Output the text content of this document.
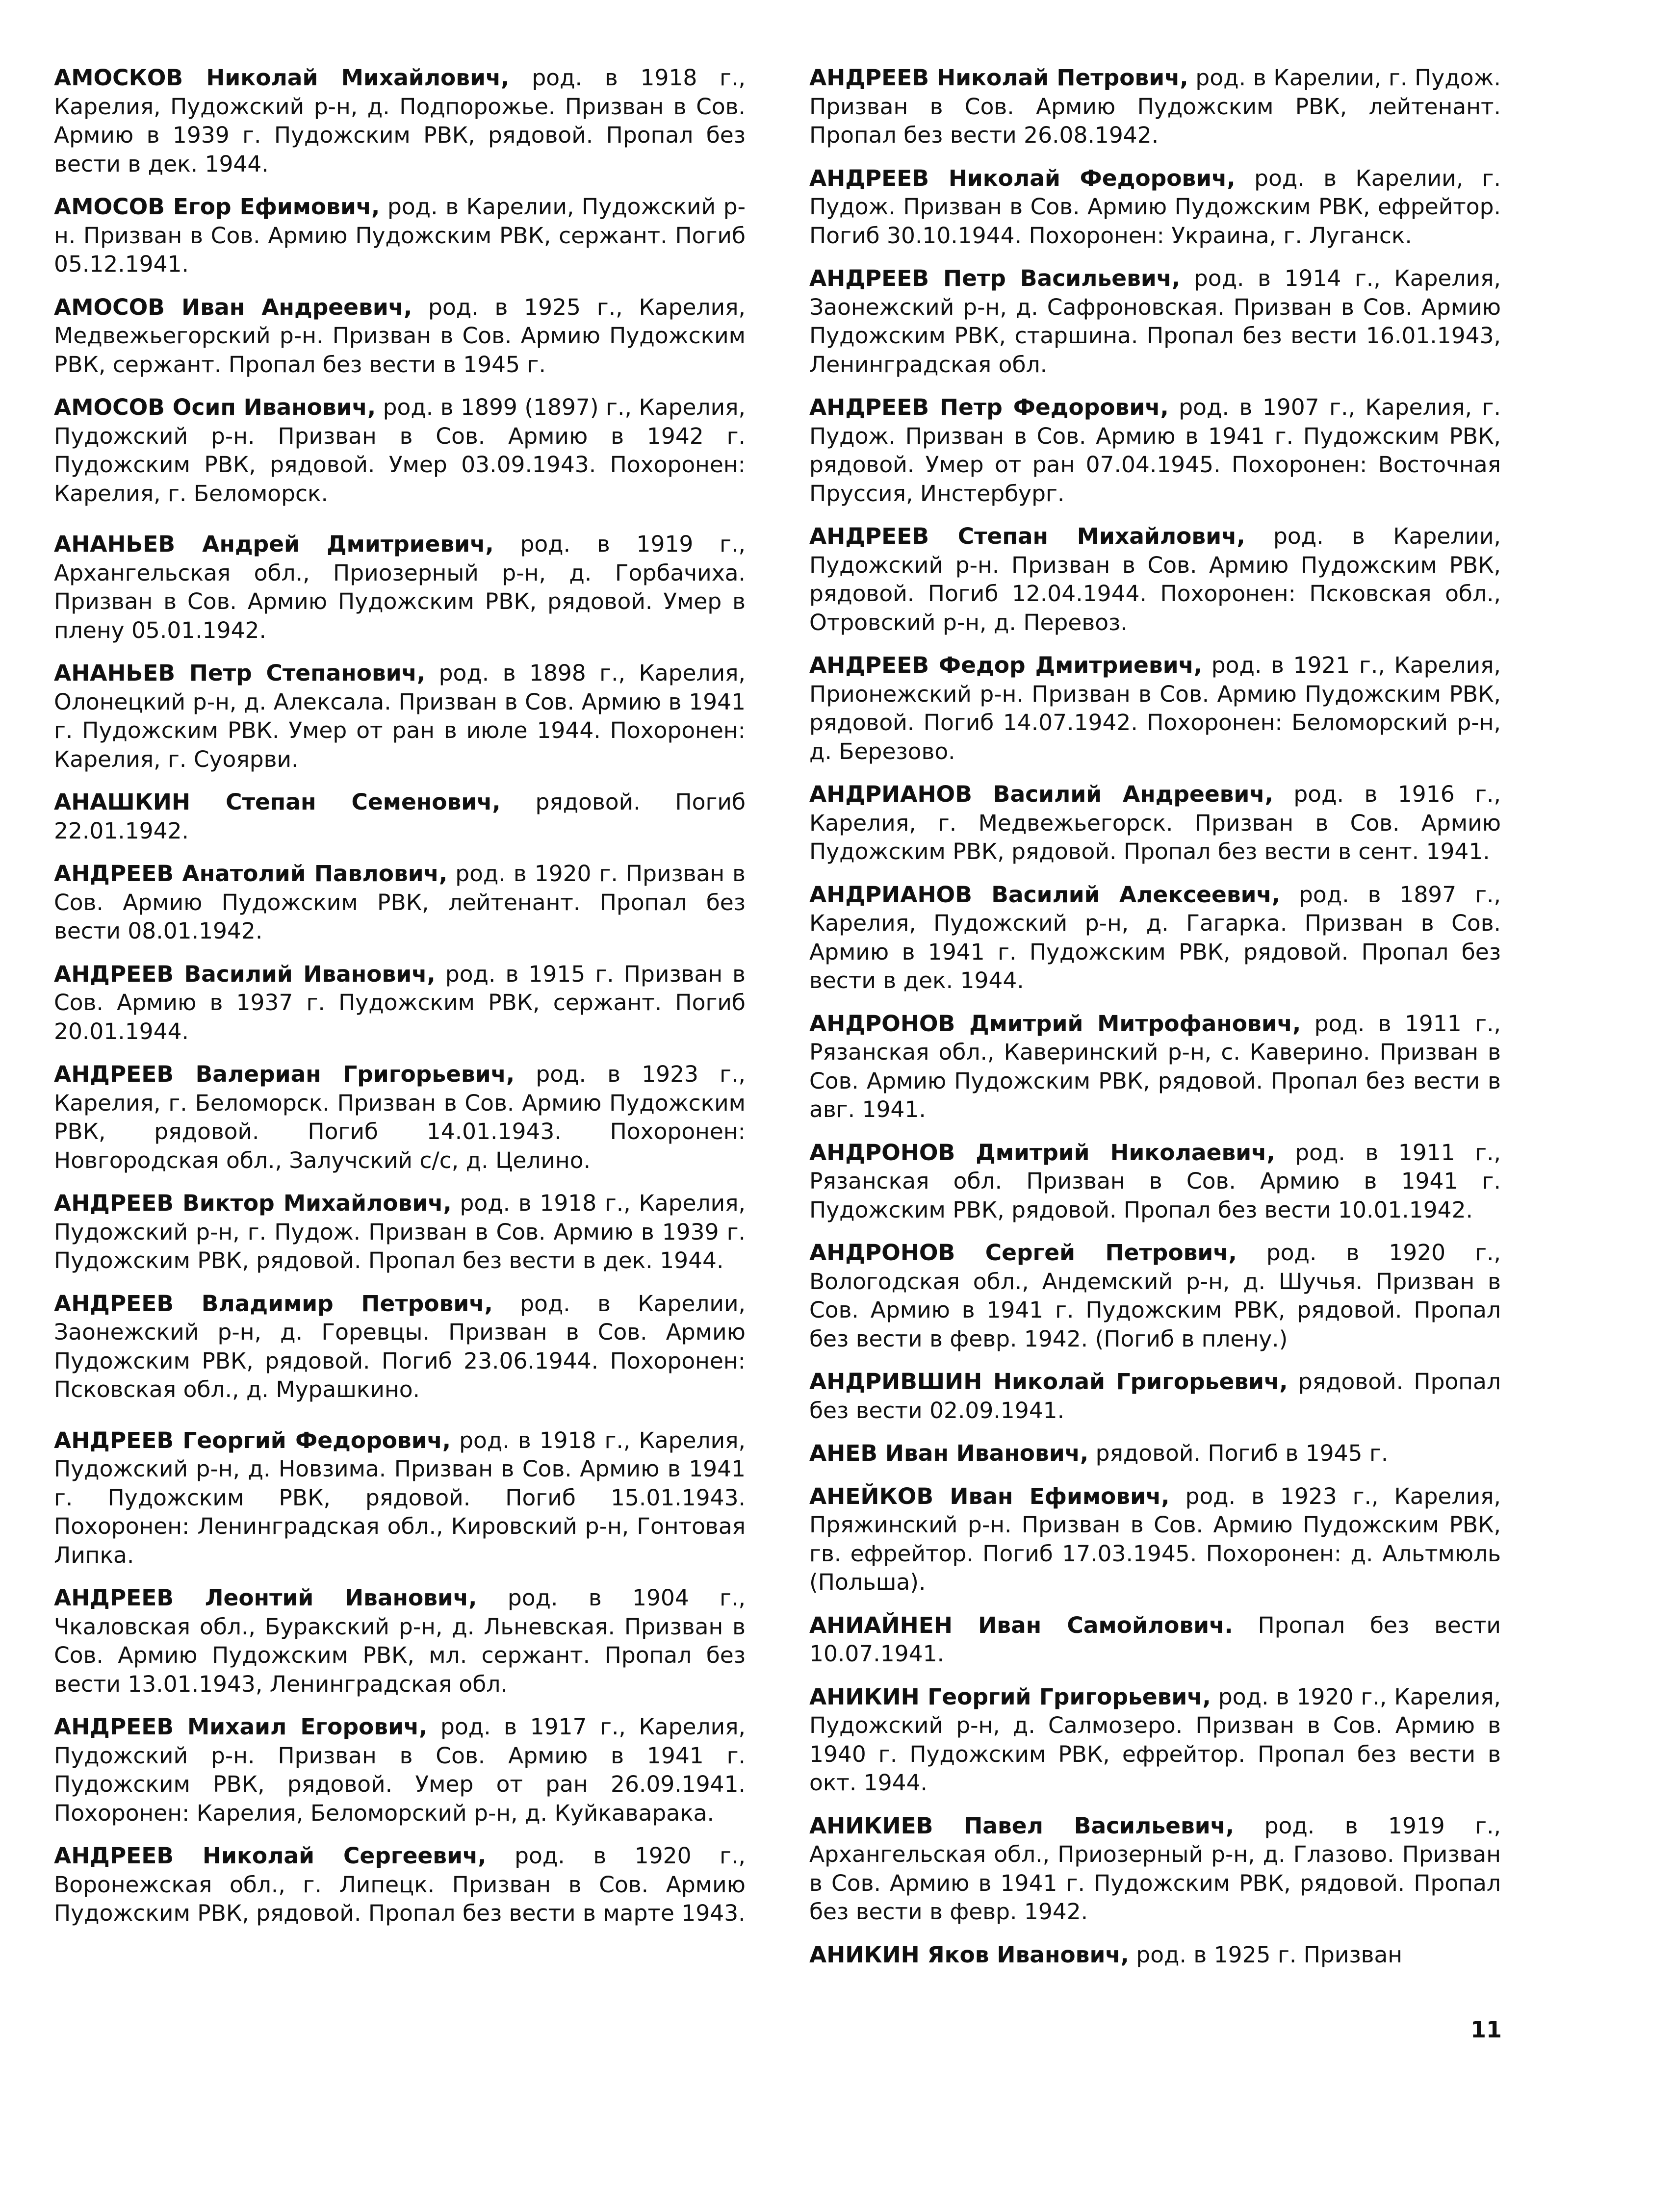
АМОСКОВ Николай Михайлович, род. в 1918 г., Карелия, Пудожский р-н, д. Подпорожье. Призван в Сов. Армию в 1939 г. Пудожским РВК, рядовой. Пропал без вести в дек. 1944.

АМОСОВ Егор Ефимович, род. в Карелии, Пудожский р-н. Призван в Сов. Армию Пудожским РВК, сержант. Погиб 05.12.1941.

АМОСОВ Иван Андреевич, род. в 1925 г., Карелия, Медвежьегорский р-н. Призван в Сов. Армию Пудожским РВК, сержант. Пропал без вести в 1945 г.

АМОСОВ Осип Иванович, род. в 1899 (1897) г., Карелия, Пудожский р-н. Призван в Сов. Армию в 1942 г. Пудожским РВК, рядовой. Умер 03.09.1943. Похоронен: Карелия, г. Беломорск.

АНАНЬЕВ Андрей Дмитриевич, род. в 1919 г., Архангельская обл., Приозерный р-н, д. Горбачиха. Призван в Сов. Армию Пудожским РВК, рядовой. Умер в плену 05.01.1942.

АНАНЬЕВ Петр Степанович, род. в 1898 г., Карелия, Олонецкий р-н, д. Алексала. Призван в Сов. Армию в 1941 г. Пудожским РВК. Умер от ран в июле 1944. Похоронен: Карелия, г. Суоярви.

АНАШКИН Степан Семенович, рядовой. Погиб 22.01.1942.

АНДРЕЕВ Анатолий Павлович, род. в 1920 г. Призван в Сов. Армию Пудожским РВК, лейтенант. Пропал без вести 08.01.1942.

АНДРЕЕВ Василий Иванович, род. в 1915 г. Призван в Сов. Армию в 1937 г. Пудожским РВК, сержант. Погиб 20.01.1944.

АНДРЕЕВ Валериан Григорьевич, род. в 1923 г., Карелия, г. Беломорск. Призван в Сов. Армию Пудожским РВК, рядовой. Погиб 14.01.1943. Похоронен: Новгородская обл., Залучский с/с, д. Целино.

АНДРЕЕВ Виктор Михайлович, род. в 1918 г., Карелия, Пудожский р-н, г. Пудож. Призван в Сов. Армию в 1939 г. Пудожским РВК, рядовой. Пропал без вести в дек. 1944.

АНДРЕЕВ Владимир Петрович, род. в Карелии, Заонежский р-н, д. Горевцы. Призван в Сов. Армию Пудожским РВК, рядовой. Погиб 23.06.1944. Похоронен: Псковская обл., д. Мурашкино.

АНДРЕЕВ Георгий Федорович, род. в 1918 г., Карелия, Пудожский р-н, д. Новзима. Призван в Сов. Армию в 1941 г. Пудожским РВК, рядовой. Погиб 15.01.1943. Похоронен: Ленинградская обл., Кировский р-н, Гонтовая Липка.

АНДРЕЕВ Леонтий Иванович, род. в 1904 г., Чкаловская обл., Буракский р-н, д. Льневская. Призван в Сов. Армию Пудожским РВК, мл. сержант. Пропал без вести 13.01.1943, Ленинградская обл.

АНДРЕЕВ Михаил Егорович, род. в 1917 г., Карелия, Пудожский р-н. Призван в Сов. Армию в 1941 г. Пудожским РВК, рядовой. Умер от ран 26.09.1941. Похоронен: Карелия, Беломорский р-н, д. Куйкаварака.

АНДРЕЕВ Николай Сергеевич, род. в 1920 г., Воронежская обл., г. Липецк. Призван в Сов. Армию Пудожским РВК, рядовой. Пропал без вести в марте 1943.

АНДРЕЕВ Николай Петрович, род. в Карелии, г. Пудож. Призван в Сов. Армию Пудожским РВК, лейтенант. Пропал без вести 26.08.1942.

АНДРЕЕВ Николай Федорович, род. в Карелии, г. Пудож. Призван в Сов. Армию Пудожским РВК, ефрейтор. Погиб 30.10.1944. Похоронен: Украина, г. Луганск.

АНДРЕЕВ Петр Васильевич, род. в 1914 г., Карелия, Заонежский р-н, д. Сафроновская. Призван в Сов. Армию Пудожским РВК, старшина. Пропал без вести 16.01.1943, Ленинградская обл.

АНДРЕЕВ Петр Федорович, род. в 1907 г., Карелия, г. Пудож. Призван в Сов. Армию в 1941 г. Пудожским РВК, рядовой. Умер от ран 07.04.1945. Похоронен: Восточная Пруссия, Инстербург.

АНДРЕЕВ Степан Михайлович, род. в Карелии, Пудожский р-н. Призван в Сов. Армию Пудожским РВК, рядовой. Погиб 12.04.1944. Похоронен: Псковская обл., Отровский р-н, д. Перевоз.

АНДРЕЕВ Федор Дмитриевич, род. в 1921 г., Карелия, Прионежский р-н. Призван в Сов. Армию Пудожским РВК, рядовой. Погиб 14.07.1942. Похоронен: Беломорский р-н, д. Березово.

АНДРИАНОВ Василий Андреевич, род. в 1916 г., Карелия, г. Медвежьегорск. Призван в Сов. Армию Пудожским РВК, рядовой. Пропал без вести в сент. 1941.

АНДРИАНОВ Василий Алексеевич, род. в 1897 г., Карелия, Пудожский р-н, д. Гагарка. Призван в Сов. Армию в 1941 г. Пудожским РВК, рядовой. Пропал без вести в дек. 1944.

АНДРОНОВ Дмитрий Митрофанович, род. в 1911 г., Рязанская обл., Каверинский р-н, с. Каверино. Призван в Сов. Армию Пудожским РВК, рядовой. Пропал без вести в авг. 1941.

АНДРОНОВ Дмитрий Николаевич, род. в 1911 г., Рязанская обл. Призван в Сов. Армию в 1941 г. Пудожским РВК, рядовой. Пропал без вести 10.01.1942.

АНДРОНОВ Сергей Петрович, род. в 1920 г., Вологодская обл., Андемский р-н, д. Шучья. Призван в Сов. Армию в 1941 г. Пудожским РВК, рядовой. Пропал без вести в февр. 1942. (Погиб в плену.)

АНДРИВШИН Николай Григорьевич, рядовой. Пропал без вести 02.09.1941.

АНЕВ Иван Иванович, рядовой. Погиб в 1945 г.

АНЕЙКОВ Иван Ефимович, род. в 1923 г., Карелия, Пряжинский р-н. Призван в Сов. Армию Пудожским РВК, гв. ефрейтор. Погиб 17.03.1945. Похоронен: д. Альтмюль (Польша).

АНИАЙНЕН Иван Самойлович. Пропал без вести 10.07.1941.

АНИКИН Георгий Григорьевич, род. в 1920 г., Карелия, Пудожский р-н, д. Салмозеро. Призван в Сов. Армию в 1940 г. Пудожским РВК, ефрейтор. Пропал без вести в окт. 1944.

АНИКИЕВ Павел Васильевич, род. в 1919 г., Архангельская обл., Приозерный р-н, д. Глазово. Призван в Сов. Армию в 1941 г. Пудожским РВК, рядовой. Пропал без вести в февр. 1942.

АНИКИН Яков Иванович, род. в 1925 г. Призван

11
